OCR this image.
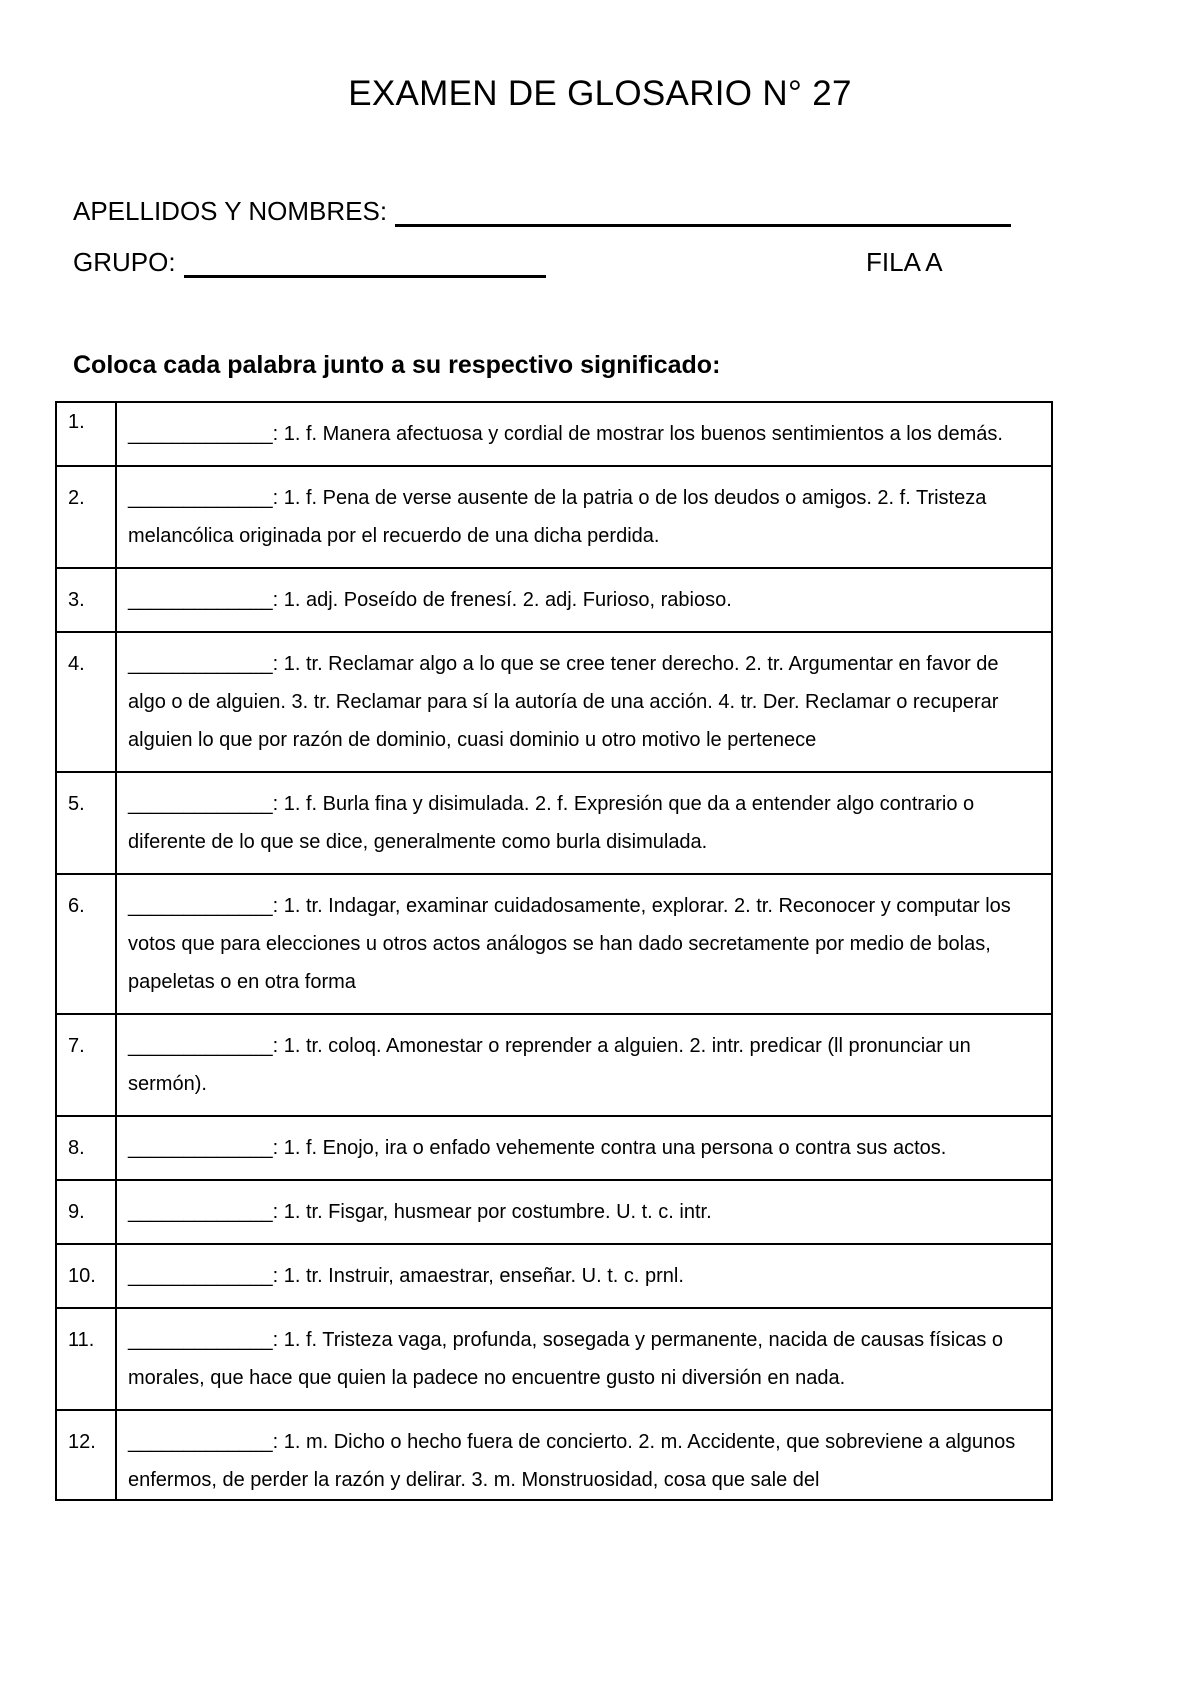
EXAMEN DE GLOSARIO N° 27
APELLIDOS Y NOMBRES:
GRUPO:	FILA A
Coloca cada palabra junto a su respectivo significado:
1.	_____________: 1. f. Manera afectuosa y cordial de mostrar los buenos sentimientos a los demás.
2.	_____________: 1. f. Pena de verse ausente de la patria o de los deudos o amigos. 2. f. Tristeza melancólica originada por el recuerdo de una dicha perdida.
3.	_____________: 1. adj. Poseído de frenesí. 2. adj. Furioso, rabioso.
4.	_____________: 1. tr. Reclamar algo a lo que se cree tener derecho. 2. tr. Argumentar en favor de algo o de alguien. 3. tr. Reclamar para sí la autoría de una acción. 4. tr. Der. Reclamar o recuperar alguien lo que por razón de dominio, cuasi dominio u otro motivo le pertenece
5.	_____________: 1. f. Burla fina y disimulada. 2. f. Expresión que da a entender algo contrario o diferente de lo que se dice, generalmente como burla disimulada.
6.	_____________: 1. tr. Indagar, examinar cuidadosamente, explorar. 2. tr. Reconocer y computar los votos que para elecciones u otros actos análogos se han dado secretamente por medio de bolas, papeletas o en otra forma
7.	_____________: 1. tr. coloq. Amonestar o reprender a alguien. 2. intr. predicar (ll pronunciar un sermón).
8.	_____________: 1. f. Enojo, ira o enfado vehemente contra una persona o contra sus actos.
9.	_____________: 1. tr. Fisgar, husmear por costumbre. U. t. c. intr.
10.	_____________: 1. tr. Instruir, amaestrar, enseñar. U. t. c. prnl.
11.	_____________: 1. f. Tristeza vaga, profunda, sosegada y permanente, nacida de causas físicas o morales, que hace que quien la padece no encuentre gusto ni diversión en nada.
12.	_____________: 1. m. Dicho o hecho fuera de concierto. 2. m. Accidente, que sobreviene a algunos enfermos, de perder la razón y delirar. 3. m. Monstruosidad, cosa que sale del
